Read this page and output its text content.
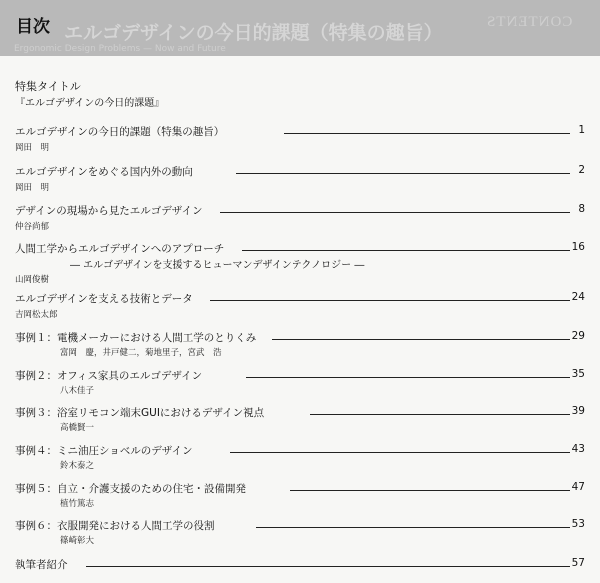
エルゴデザインの今日的課題（特集の趣旨）
Ergonomic Design Problems — Now and Future
CONTENTS
目次
特集タイトル
『エルゴデザインの今日的課題』
エルゴデザインの今日的課題（特集の趣旨）	1
岡田　明
エルゴデザインをめぐる国内外の動向	2
岡田　明
デザインの現場から見たエルゴデザイン	8
仲谷尚郁
人間工学からエルゴデザインへのアプローチ	16
― エルゴデザインを支援するヒューマンデザインテクノロジー ―
山岡俊樹
エルゴデザインを支える技術とデータ	24
吉岡松太郎
事例１：電機メーカーにおける人間工学のとりくみ	29
富岡　慶，井戸健二，菊地里子，宮武　浩
事例２：オフィス家具のエルゴデザイン	35
八木佳子
事例３：浴室リモコン端末GUIにおけるデザイン視点	39
高橋賢一
事例４：ミニ油圧ショベルのデザイン	43
鈴木泰之
事例５：自立・介護支援のための住宅・設備開発	47
植竹篤志
事例６：衣服開発における人間工学の役割	53
篠崎彰大
執筆者紹介	57
